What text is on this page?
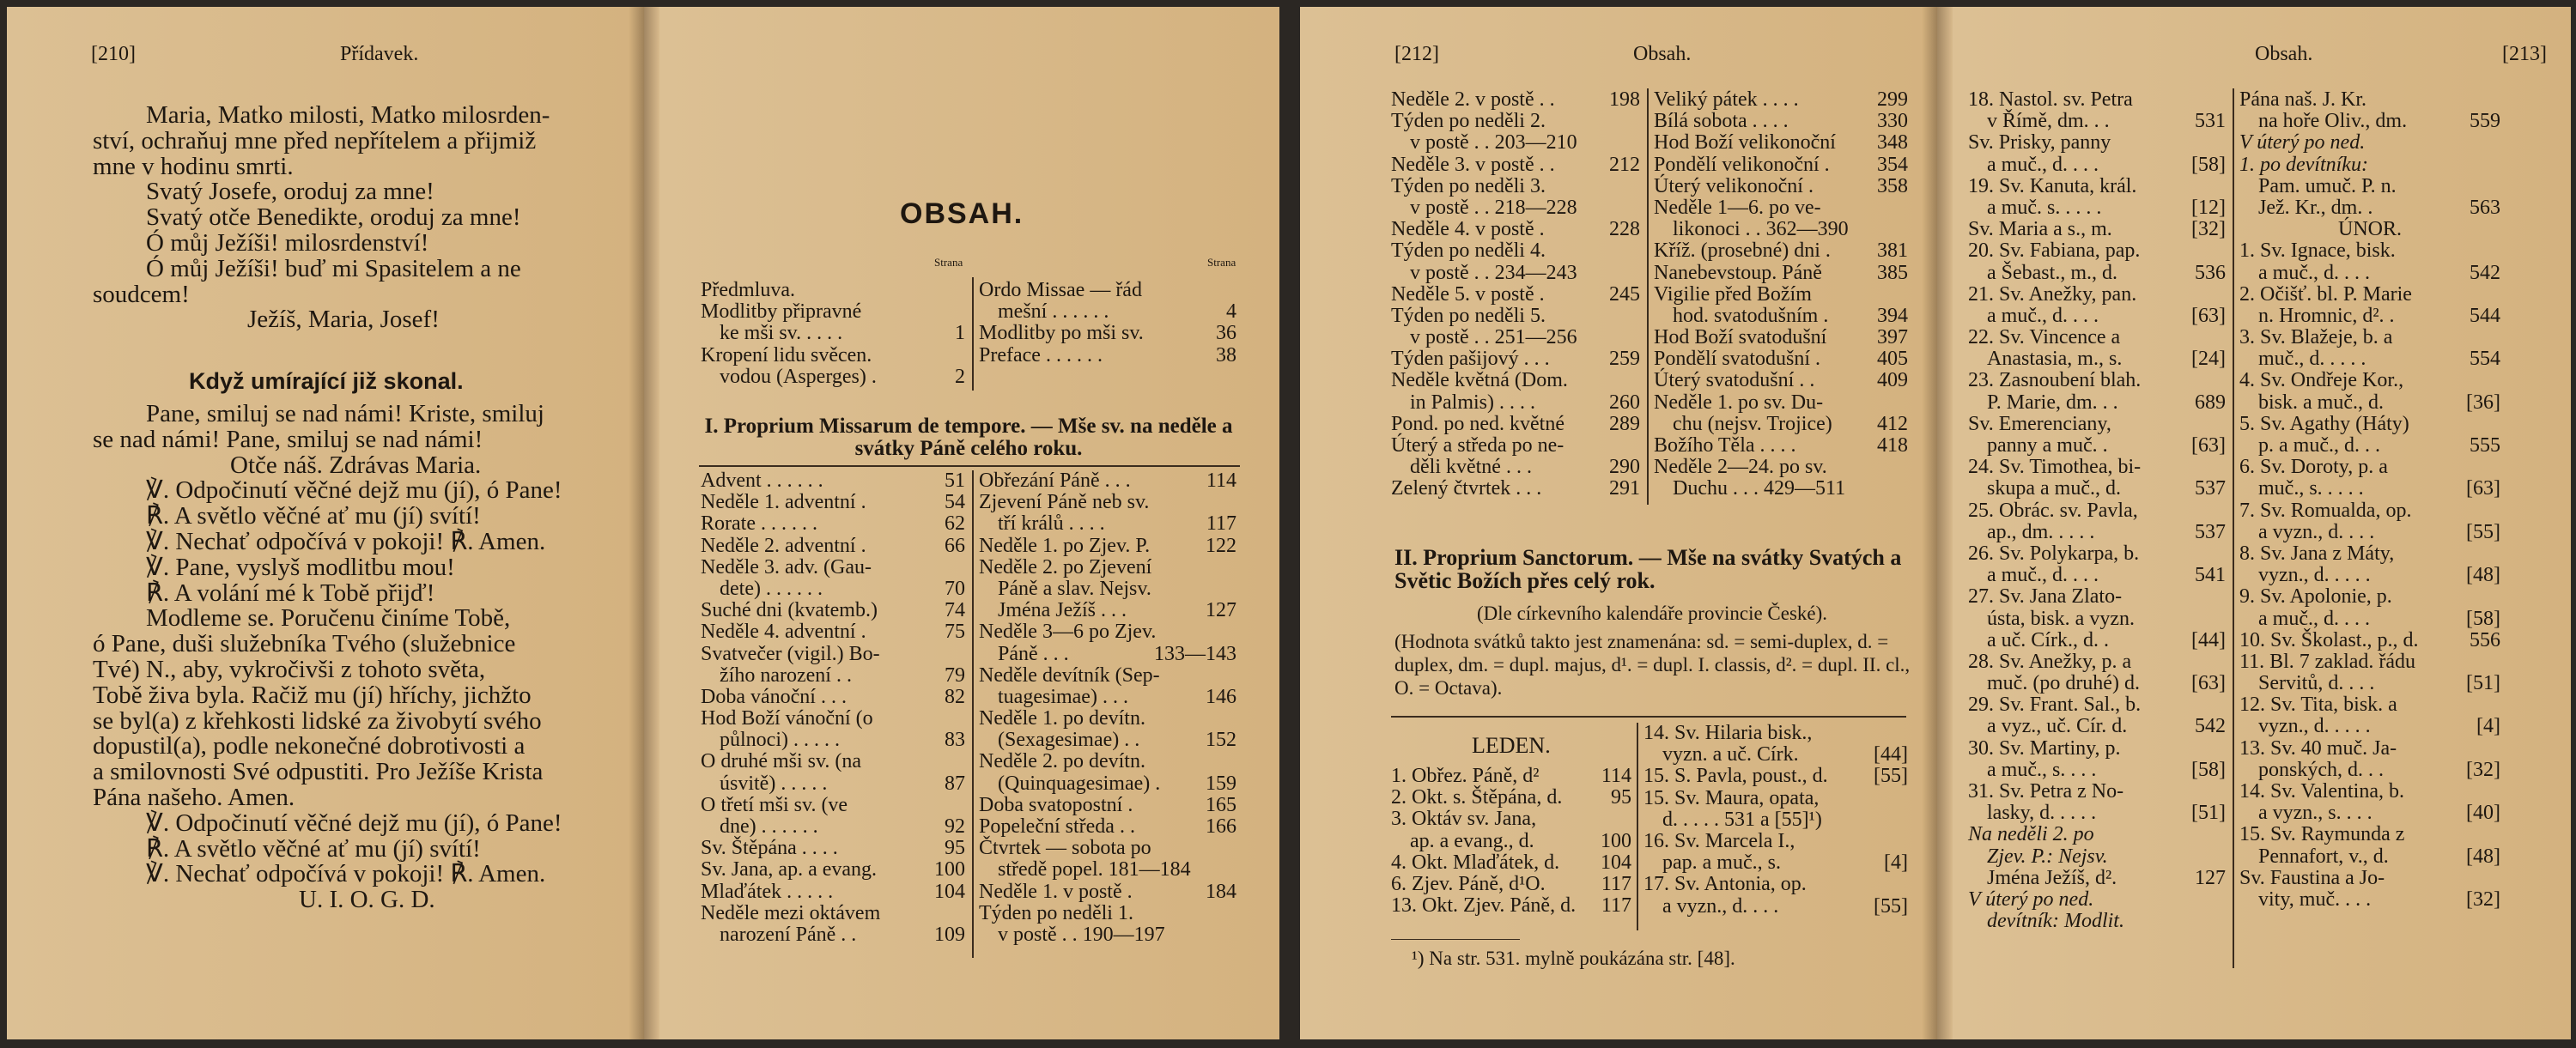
[210]	Přídavek.
Maria, Matko milosti, Matko milosrden-
ství, ochraňuj mne před nepřítelem a přijmiž
mne v hodinu smrti.
Svatý Josefe, oroduj za mne!
Svatý otče Benedikte, oroduj za mne!
Ó můj Ježíši! milosrdenství!
Ó můj Ježíši! buď mi Spasitelem a ne
soudcem!
Ježíš, Maria, Josef!
Když umírající již skonal.
Pane, smiluj se nad námi! Kriste, smiluj
se nad námi! Pane, smiluj se nad námi!
Otče náš. Zdrávas Maria.
℣. Odpočinutí věčné dejž mu (jí), ó Pane!
℟. A světlo věčné ať mu (jí) svítí!
℣. Nechať odpočívá v pokoji! ℟. Amen.
℣. Pane, vyslyš modlitbu mou!
℟. A volání mé k Tobě přijď!
Modleme se. Poručenu činíme Tobě,
ó Pane, duši služebníka Tvého (služebnice
Tvé) N., aby, vykročivši z tohoto světa,
Tobě živa byla. Račiž mu (jí) hříchy, jichžto
se byl(a) z křehkosti lidské za živobytí svého
dopustil(a), podle nekonečné dobrotivosti a
a smilovnosti Své odpustiti. Pro Ježíše Krista
Pána našeho. Amen.
℣. Odpočinutí věčné dejž mu (jí), ó Pane!
℟. A světlo věčné ať mu (jí) svítí!
℣. Nechať odpočívá v pokoji! ℟. Amen.
U. I. O. G. D.
OBSAH.
Strana	Strana
Předmluva.
Modlitby připravné
ke mši sv. . . . .	1
Kropení lidu svěcen.
vodou (Asperges) .	2
Ordo Missae — řád
mešní . . . . . .	4
Modlitby po mši sv.	36
Preface . . . . . .	38
I. Proprium Missarum de tempore. — Mše sv. na neděle a svátky Páně celého roku.
Advent . . . . . .	51
Neděle 1. adventní .	54
Rorate . . . . . .	62
Neděle 2. adventní .	66
Neděle 3. adv. (Gau-
dete) . . . . . .	70
Suché dni (kvatemb.)	74
Neděle 4. adventní .	75
Svatvečer (vigil.) Bo-
žího narození . .	79
Doba vánoční . . .	82
Hod Boží vánoční (o
půlnoci) . . . . .	83
O druhé mši sv. (na
úsvitě) . . . . .	87
O třetí mši sv. (ve
dne) . . . . . .	92
Sv. Štěpána . . . .	95
Sv. Jana, ap. a evang.	100
Mlaďátek . . . . .	104
Neděle mezi oktávem
narození Páně . .	109
Obřezání Páně . . .	114
Zjevení Páně neb sv.
tří králů . . . .	117
Neděle 1. po Zjev. P.	122
Neděle 2. po Zjevení
Páně a slav. Nejsv.
Jména Ježíš . . .	127
Neděle 3—6 po Zjev.
Páně . . .	133—143
Neděle devítník (Sep-
tuagesimae) . . .	146
Neděle 1. po devítn.
(Sexagesimae) . .	152
Neděle 2. po devítn.
(Quinquagesimae) . 159
Doba svatopostní .	165
Popeleční středa . .	166
Čtvrtek — sobota po
středě popel. 181—184
Neděle 1. v postě .	184
Týden po neděli 1.
v postě . . 190—197
[212]	Obsah.
Neděle 2. v postě . .	198
Týden po neděli 2.
v postě . . 203—210
Neděle 3. v postě . .	212
Týden po neděli 3.
v postě . . 218—228
Neděle 4. v postě .	228
Týden po neděli 4.
v postě . . 234—243
Neděle 5. v postě .	245
Týden po neděli 5.
v postě . . 251—256
Týden pašijový . . .	259
Neděle květná (Dom.
in Palmis) . . . .	260
Pond. po ned. květné 289
Úterý a středa po ne-
děli květné . . .	290
Zelený čtvrtek . . .	291
Veliký pátek . . . .	299
Bílá sobota . . . .	330
Hod Boží velikonoční 348
Pondělí velikonoční . 354
Úterý velikonoční .	358
Neděle 1—6. po ve-
likonoci . . 362—390
Kříž. (prosebné) dni . 381
Nanebevstoup. Páně	385
Vigilie před Božím
hod. svatodušním . 394
Hod Boží svatodušní 397
Pondělí svatodušní .	405
Úterý svatodušní . .	409
Neděle 1. po sv. Du-
chu (nejsv. Trojice) 412
Božího Těla . . . .	418
Neděle 2—24. po sv.
Duchu . . . 429—511
II. Proprium Sanctorum. — Mše na svátky Svatých a Světic Božích přes celý rok.
(Dle církevního kalendáře provincie České).
(Hodnota svátků takto jest znamenána: sd. = semi-duplex, d. = duplex, dm. = dupl. majus, d¹. = dupl. I. classis, d². = dupl. II. cl., O. = Octava).
LEDEN.
1. Obřez. Páně, d²	114
2. Okt. s. Štěpána, d. 95
3. Oktáv sv. Jana,
ap. a evang., d.	100
4. Okt. Mlaďátek, d. 104
6. Zjev. Páně, d¹O.	117
13. Okt. Zjev. Páně, d. 117
14. Sv. Hilaria bisk.,
vyzn. a uč. Círk.	[44]
15. S. Pavla, poust., d. [55]
15. Sv. Maura, opata,
d. . . . . 531 a [55]¹)
16. Sv. Marcela I.,
pap. a muč., s.	[4]
17. Sv. Antonia, op.
a vyzn., d. . . .	[55]
¹) Na str. 531. mylně poukázána str. [48].
Obsah.	[213]
18. Nastol. sv. Petra
v Římě, dm. . .	531
Sv. Prisky, panny
a muč., d. . . .	[58]
19. Sv. Kanuta, král.
a muč. s. . . . .	[12]
Sv. Maria a s., m.	[32]
20. Sv. Fabiana, pap.
a Šebast., m., d.	536
21. Sv. Anežky, pan.
a muč., d. . . .	[63]
22. Sv. Vincence a
Anastasia, m., s.	[24]
23. Zasnoubení blah.
P. Marie, dm. . .	689
Sv. Emerenciany,
panny a muč. .	[63]
24. Sv. Timothea, bi-
skupa a muč., d.	537
25. Obrác. sv. Pavla,
ap., dm. . . . .	537
26. Sv. Polykarpa, b.
a muč., d. . . .	541
27. Sv. Jana Zlato-
ústa, bisk. a vyzn.
a uč. Círk., d. .	[44]
28. Sv. Anežky, p. a
muč. (po druhé) d.	[63]
29. Sv. Frant. Sal., b.
a vyz., uč. Cír. d.	542
30. Sv. Martiny, p.
a muč., s. . . .	[58]
31. Sv. Petra z No-
lasky, d. . . . .	[51]
Na neděli 2. po
Zjev. P.: Nejsv.
Jména Ježíš, d².	127
V úterý po ned.
devítník: Modlit.
Pána naš. J. Kr.
na hoře Oliv., dm.	559
V úterý po ned.
1. po devítníku:
Pam. umuč. P. n.
Jež. Kr., dm. .	563
ÚNOR.
1. Sv. Ignace, bisk.
a muč., d. . . .	542
2. Očišť. bl. P. Marie
n. Hromnic, d². .	544
3. Sv. Blažeje, b. a
muč., d. . . . .	554
4. Sv. Ondřeje Kor.,
bisk. a muč., d.	[36]
5. Sv. Agathy (Háty)
p. a muč., d. . .	555
6. Sv. Doroty, p. a
muč., s. . . . .	[63]
7. Sv. Romualda, op.
a vyzn., d. . . .	[55]
8. Sv. Jana z Máty,
vyzn., d. . . . .	[48]
9. Sv. Apolonie, p.
a muč., d. . . .	[58]
10. Sv. Školast., p., d. 556
11. Bl. 7 zaklad. řádu
Servitů, d. . . .	[51]
12. Sv. Tita, bisk. a
vyzn., d. . . . .	[4]
13. Sv. 40 muč. Ja-
ponských, d. . .	[32]
14. Sv. Valentina, b.
a vyzn., s. . . .	[40]
15. Sv. Raymunda z
Pennafort, v., d.	[48]
Sv. Faustina a Jo-
vity, muč. . . .	[32]
